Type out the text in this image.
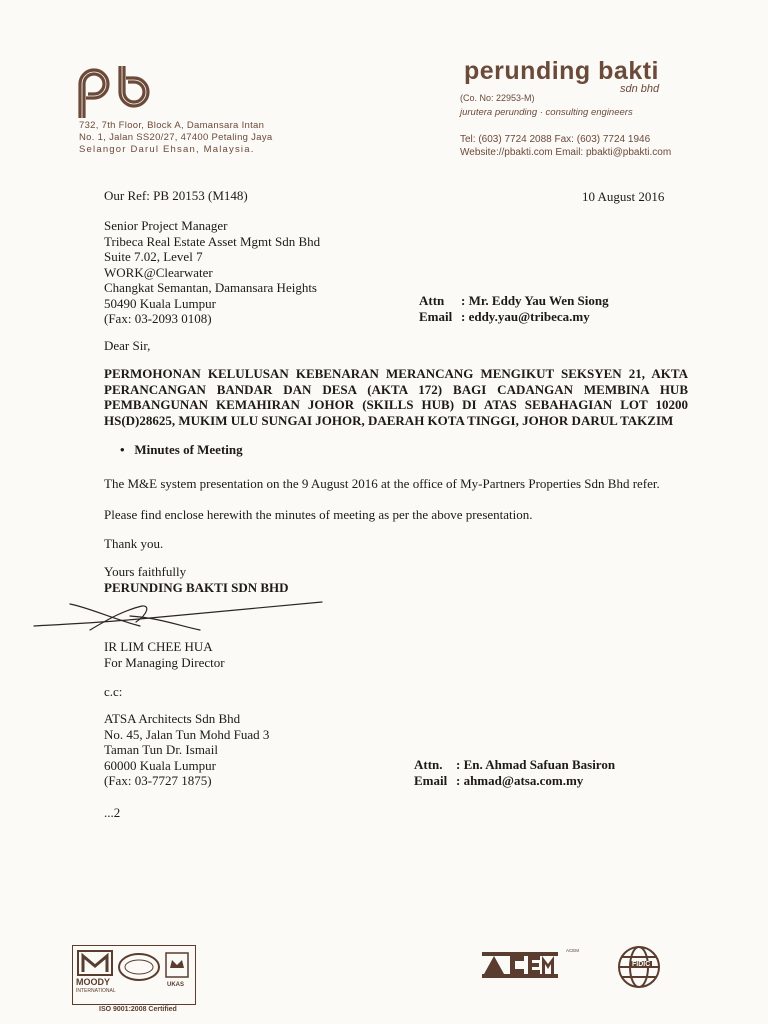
732, 7th Floor, Block A, Damansara Intan
No. 1, Jalan SS20/27, 47400 Petaling Jaya
Selangor Darul Ehsan, Malaysia.
perunding bakti
sdn bhd
(Co. No: 22953-M)
jurutera perunding · consulting engineers
Tel: (603) 7724 2088 Fax: (603) 7724 1946
Website://pbakti.com Email: pbakti@pbakti.com
Our Ref: PB 20153 (M148)	10 August 2016
Senior Project Manager
Tribeca Real Estate Asset Mgmt Sdn Bhd
Suite 7.02, Level 7
WORK@Clearwater
Changkat Semantan, Damansara Heights
50490 Kuala Lumpur
(Fax: 03-2093 0108)
Attn : Mr. Eddy Yau Wen Siong
Email : eddy.yau@tribeca.my
Dear Sir,
PERMOHONAN KELULUSAN KEBENARAN MERANCANG MENGIKUT SEKSYEN 21, AKTA PERANCANGAN BANDAR DAN DESA (AKTA 172) BAGI CADANGAN MEMBINA HUB PEMBANGUNAN KEMAHIRAN JOHOR (SKILLS HUB) DI ATAS SEBAHAGIAN LOT 10200 HS(D)28625, MUKIM ULU SUNGAI JOHOR, DAERAH KOTA TINGGI, JOHOR DARUL TAKZIM
•   Minutes of Meeting
The M&E system presentation on the 9 August 2016 at the office of My-Partners Properties Sdn Bhd refer.
Please find enclose herewith the minutes of meeting as per the above presentation.
Thank you.
Yours faithfully
PERUNDING BAKTI SDN BHD
IR LIM CHEE HUA
For Managing Director
c.c:
ATSA Architects Sdn Bhd
No. 45, Jalan Tun Mohd Fuad 3
Taman Tun Dr. Ismail
60000 Kuala Lumpur
(Fax: 03-7727 1875)
Attn. : En. Ahmad Safuan Basiron
Email : ahmad@atsa.com.my
...2
MOODY
INTERNATIONAL
UKAS
ISO 9001:2008 Certified
ACEM
FIDIC
